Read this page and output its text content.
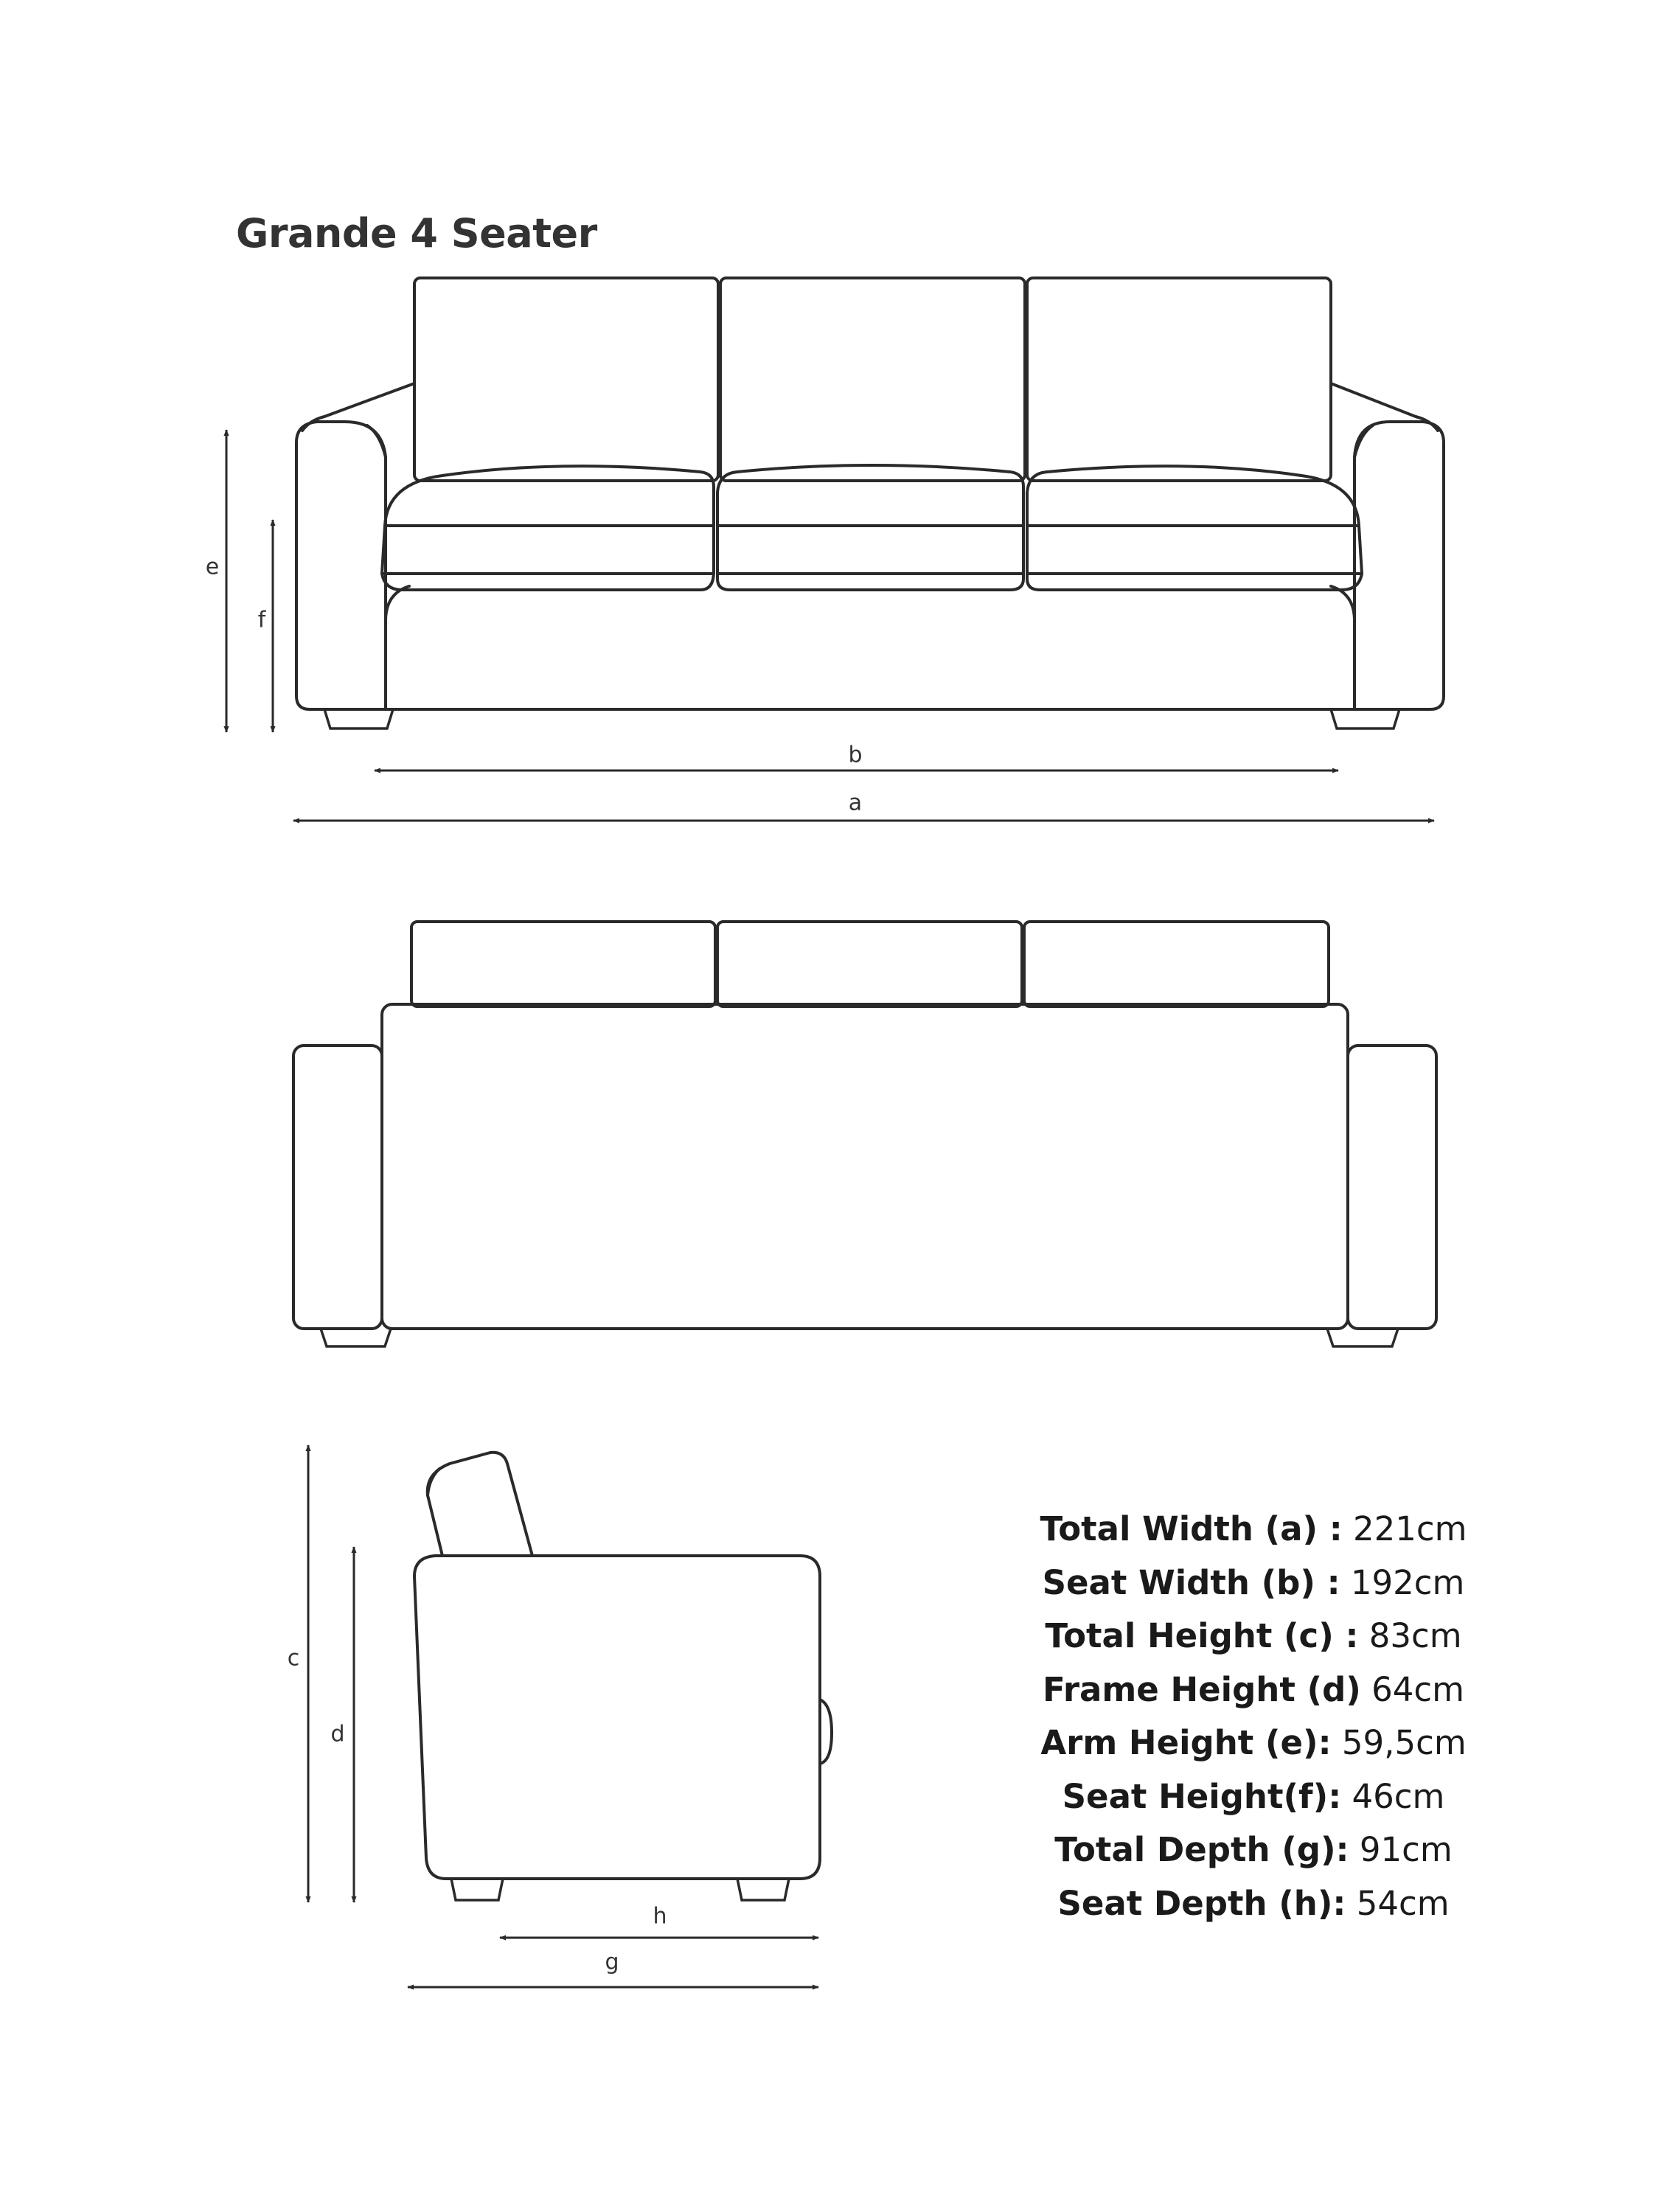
Grande 4 Seater
e
f
b
a
c
d
h
g
Total Width (a) : 221cm
Seat Width (b) : 192cm
Total Height (c) : 83cm
Frame Height (d) 64cm
Arm Height (e): 59,5cm
Seat Height(f): 46cm
Total Depth (g): 91cm
Seat Depth (h): 54cm
